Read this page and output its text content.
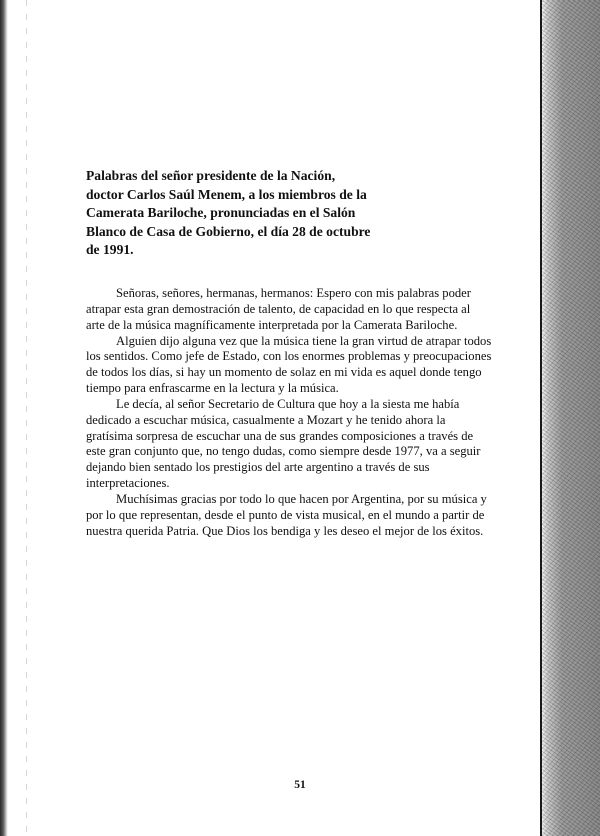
Palabras del señor presidente de la Nación,
doctor Carlos Saúl Menem, a los miembros de la
Camerata Bariloche, pronunciadas en el Salón
Blanco de Casa de Gobierno, el día 28 de octubre
de 1991.
Señoras, señores, hermanas, hermanos: Espero con mis palabras poder
atrapar esta gran demostración de talento, de capacidad en lo que respecta al
arte de la música magníficamente interpretada por la Camerata Bariloche.
Alguien dijo alguna vez que la música tiene la gran virtud de atrapar todos
los sentidos. Como jefe de Estado, con los enormes problemas y preocupaciones
de todos los días, si hay un momento de solaz en mi vida es aquel donde tengo
tiempo para enfrascarme en la lectura y la música.
Le decía, al señor Secretario de Cultura que hoy a la siesta me había
dedicado a escuchar música, casualmente a Mozart y he tenido ahora la
gratísima sorpresa de escuchar una de sus grandes composiciones a través de
este gran conjunto que, no tengo dudas, como siempre desde 1977, va a seguir
dejando bien sentado los prestigios del arte argentino a través de sus
interpretaciones.
Muchísimas gracias por todo lo que hacen por Argentina, por su música y
por lo que representan, desde el punto de vista musical, en el mundo a partir de
nuestra querida Patria. Que Dios los bendiga y les deseo el mejor de los éxitos.
51
